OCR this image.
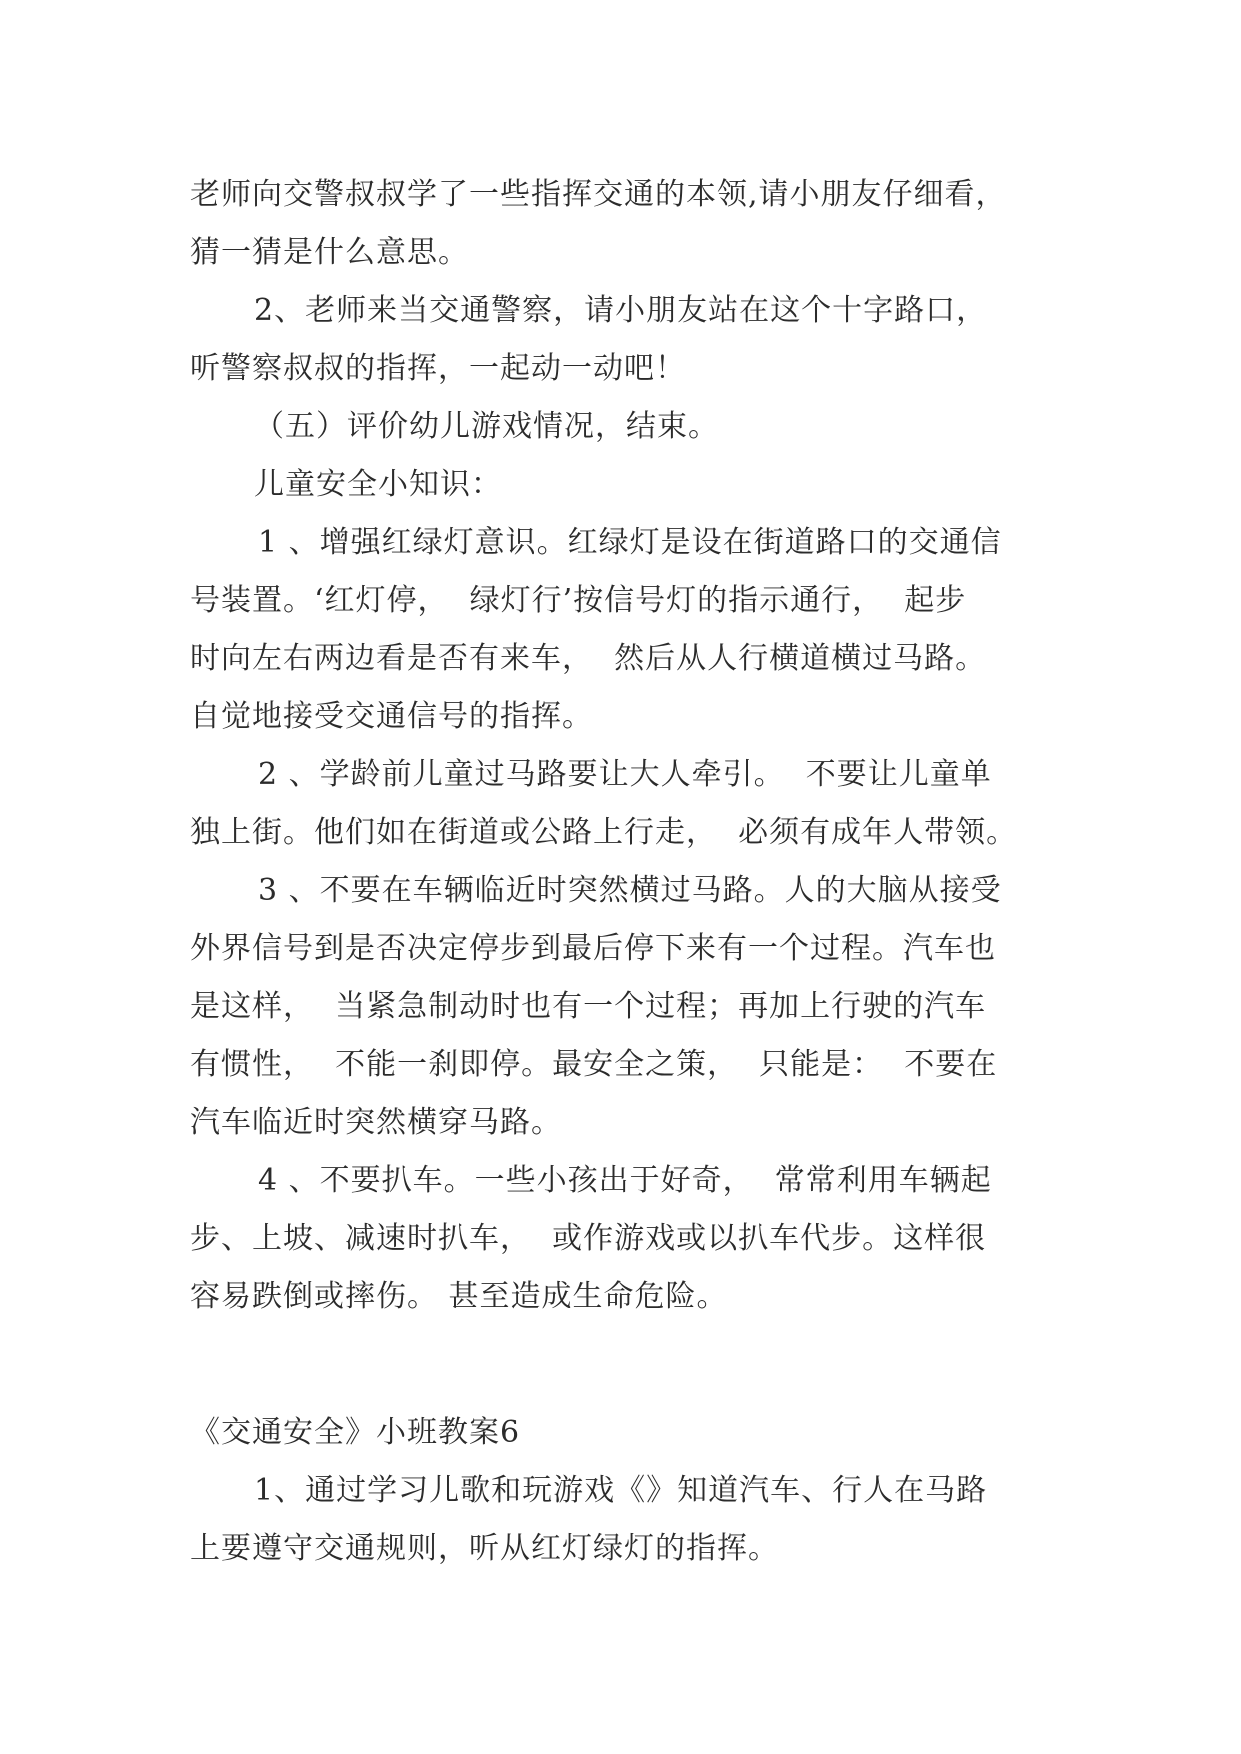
老师向交警叔叔学了一些指挥交通的本领,请小朋友仔细看，
猜一猜是什么意思。
2、老师来当交通警察，请小朋友站在这个十字路口，
听警察叔叔的指挥，一起动一动吧！
（五）评价幼儿游戏情况，结束。
儿童安全小知识：
1 、增强红绿灯意识。红绿灯是设在街道路口的交通信
号装置。‘红灯停，  绿灯行’按信号灯的指示通行，  起步
时向左右两边看是否有来车，  然后从人行横道横过马路。
自觉地接受交通信号的指挥。
2 、学龄前儿童过马路要让大人牵引。  不要让儿童单
独上街。他们如在街道或公路上行走，  必须有成年人带领。
3 、不要在车辆临近时突然横过马路。人的大脑从接受
外界信号到是否决定停步到最后停下来有一个过程。汽车也
是这样，  当紧急制动时也有一个过程；再加上行驶的汽车
有惯性，  不能一刹即停。最安全之策，  只能是：  不要在
汽车临近时突然横穿马路。
4 、不要扒车。一些小孩出于好奇，  常常利用车辆起
步、上坡、减速时扒车，  或作游戏或以扒车代步。这样很
容易跌倒或摔伤。 甚至造成生命危险。
《交通安全》小班教案6
1、通过学习儿歌和玩游戏《》知道汽车、行人在马路
上要遵守交通规则，听从红灯绿灯的指挥。
